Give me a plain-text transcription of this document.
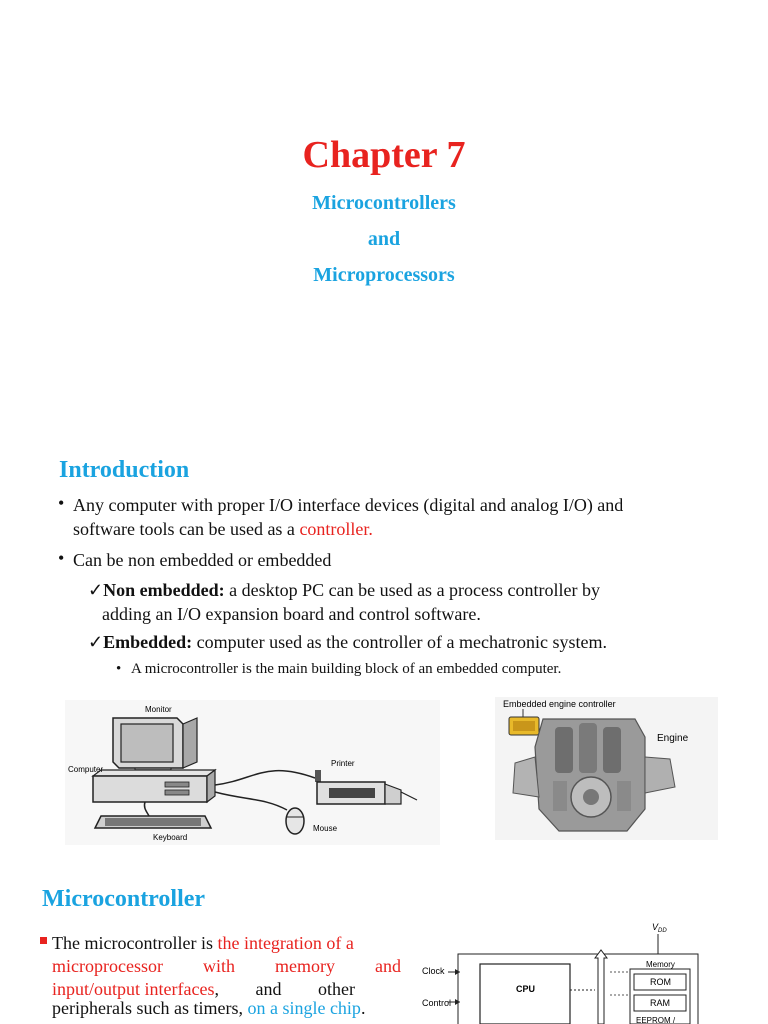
Chapter 7
Microcontrollers
and
Microprocessors
Introduction
• Any computer with proper I/O interface devices (digital and analog I/O) and
software tools can be used as a controller.
• Can be non embedded or embedded
✓Non embedded: a desktop PC can be used as a process controller by
adding an I/O expansion board and control software.
✓Embedded: computer used as the controller of a mechatronic system.
• A microcontroller is the main building block of an embedded computer.
Monitor
Computer
Keyboard
Printer
Mouse
Embedded engine controller
Engine
Microcontroller
The microcontroller is the integration of a
microprocessor with memory and
input/output interfaces, and other
peripherals such as timers, on a single chip.
$V_{DD}$
Clock
Control
CPU
Memory
ROM
RAM
EEPROM /
